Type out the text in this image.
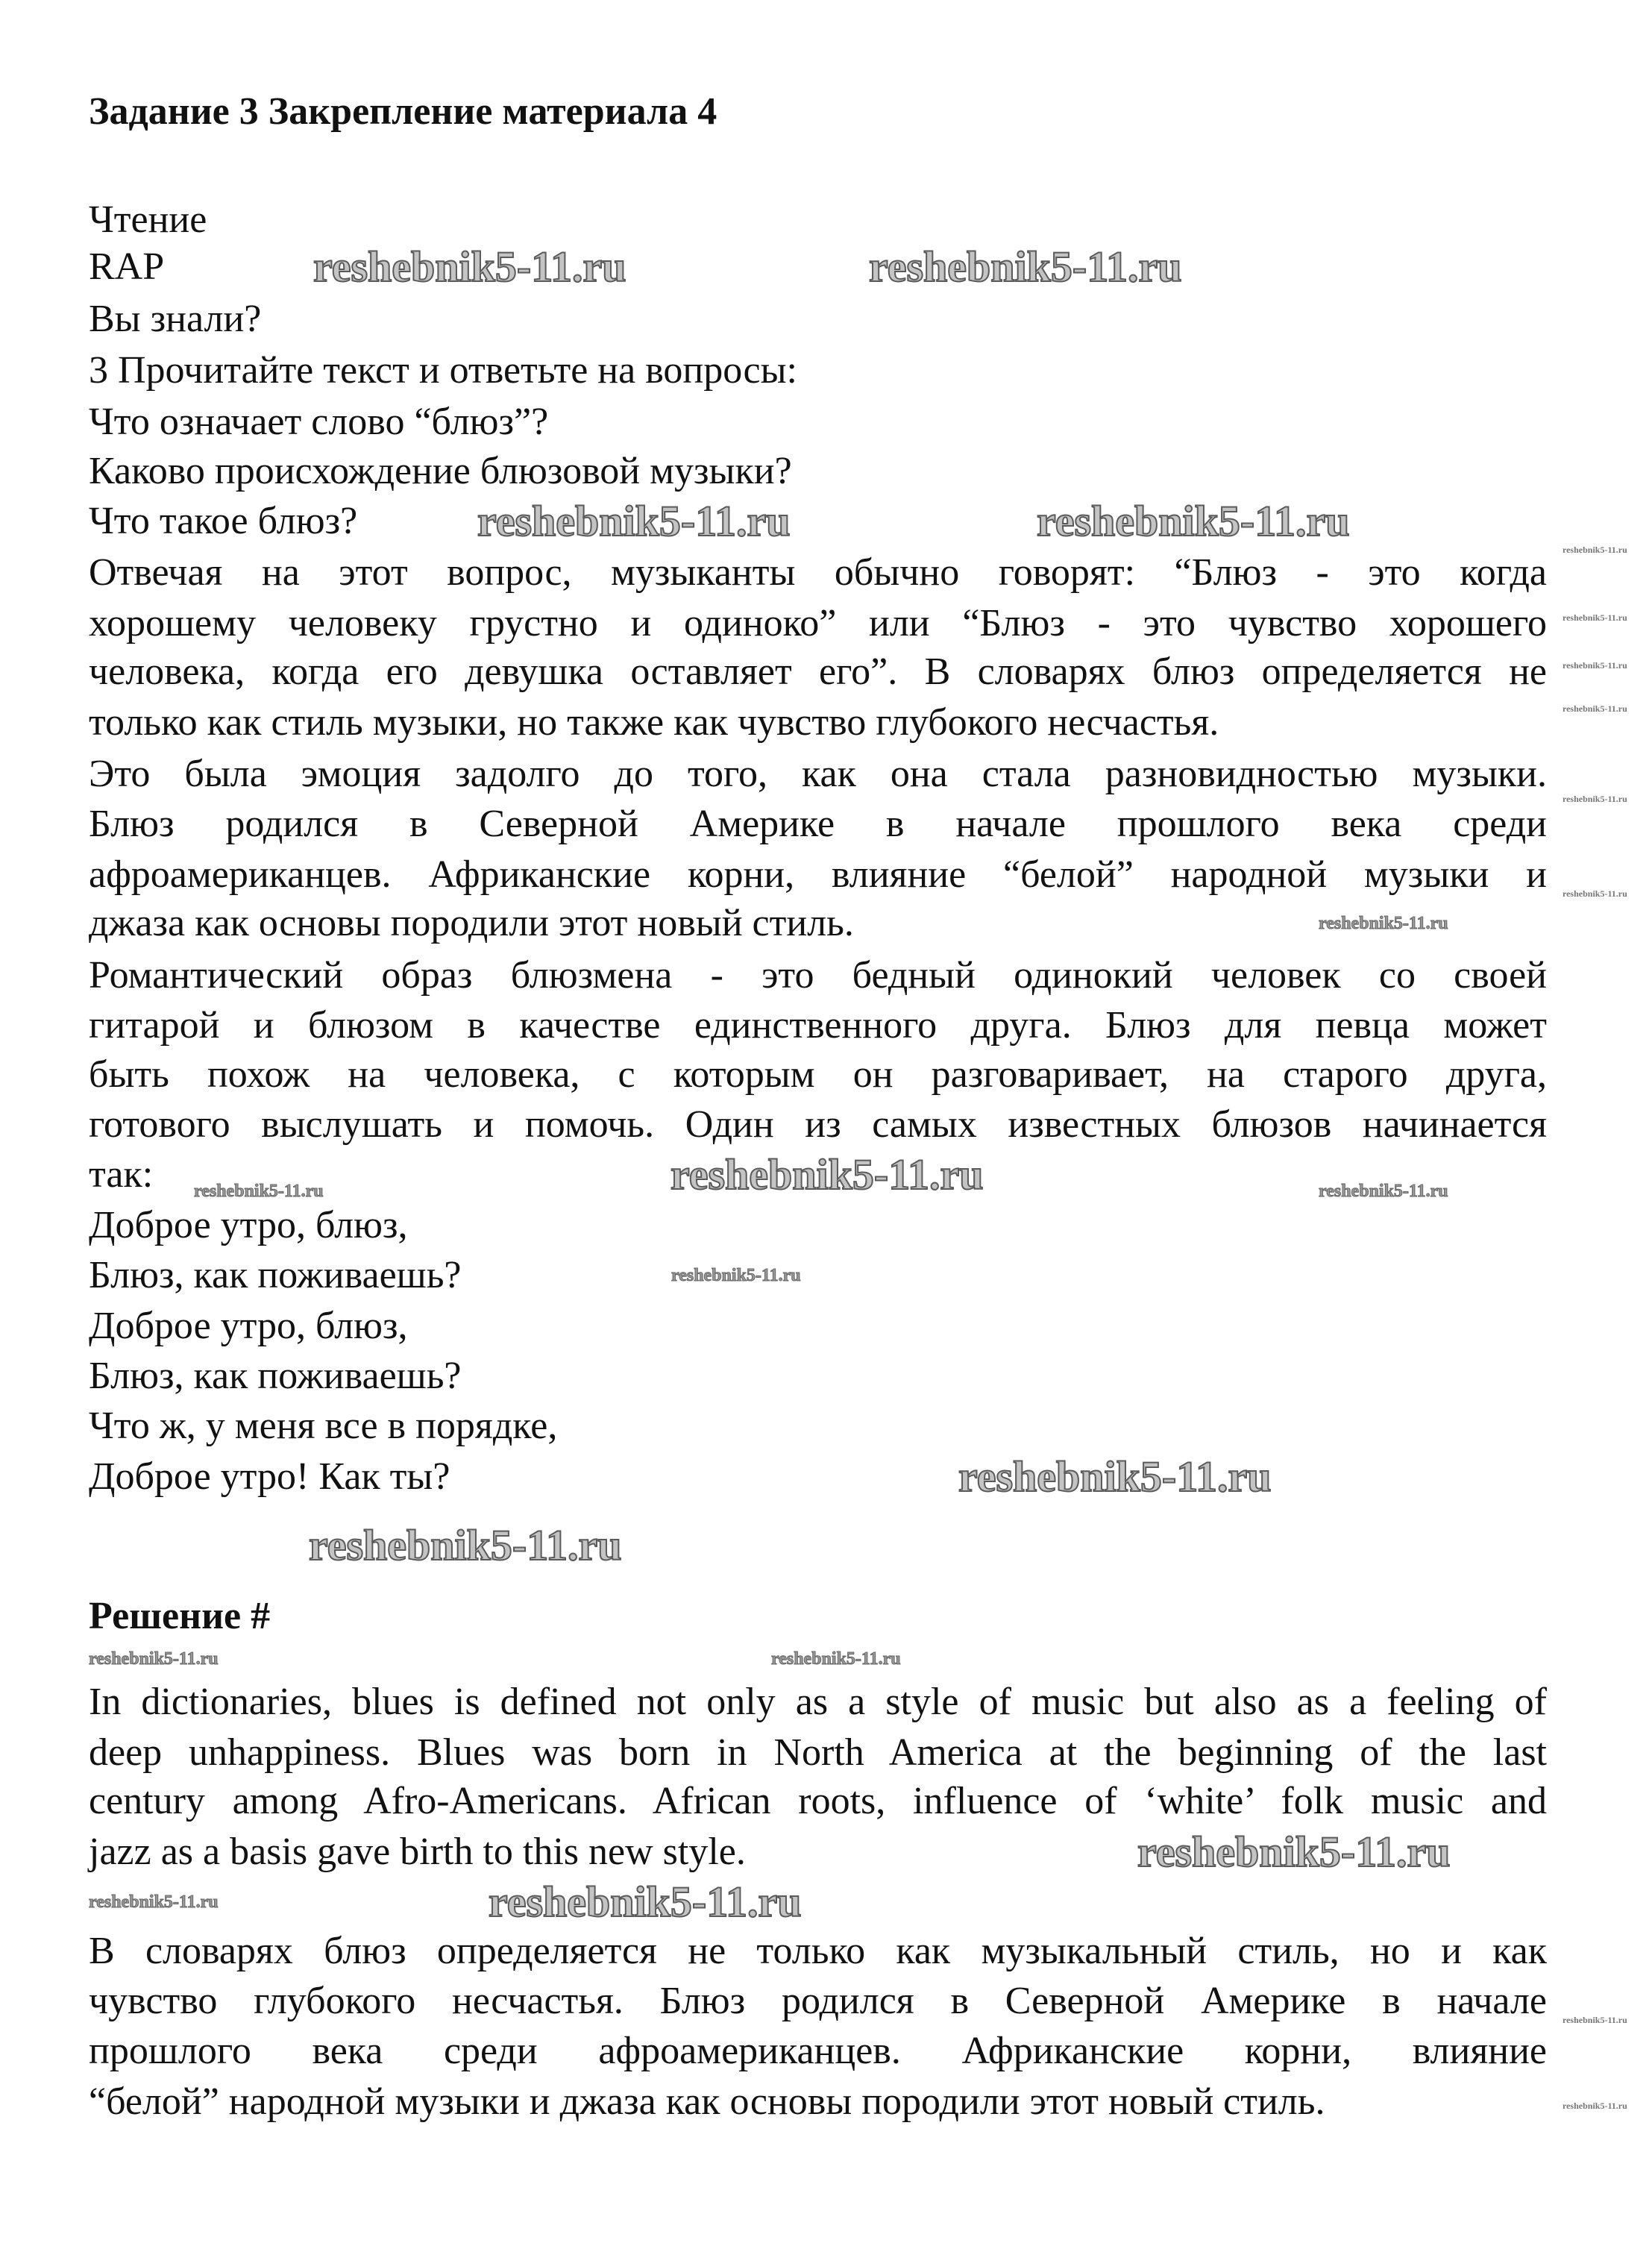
Задание 3 Закрепление материала 4
Чтение
RAP
Вы знали?
3 Прочитайте текст и ответьте на вопросы:
Что означает слово “блюз”?
Каково происхождение блюзовой музыки?
Что такое блюз?
Отвечая на этот вопрос, музыканты обычно говорят: “Блюз - это когда
хорошему человеку грустно и одиноко” или “Блюз - это чувство хорошего
человека, когда его девушка оставляет его”. В словарях блюз определяется не
только как стиль музыки, но также как чувство глубокого несчастья.
Это была эмоция задолго до того, как она стала разновидностью музыки.
Блюз родился в Северной Америке в начале прошлого века среди
афроамериканцев. Африканские корни, влияние “белой” народной музыки и
джаза как основы породили этот новый стиль.
Романтический образ блюзмена - это бедный одинокий человек со своей
гитарой и блюзом в качестве единственного друга. Блюз для певца может
быть похож на человека, с которым он разговаривает, на старого друга,
готового выслушать и помочь. Один из самых известных блюзов начинается
так:
Доброе утро, блюз,
Блюз, как поживаешь?
Доброе утро, блюз,
Блюз, как поживаешь?
Что ж, у меня все в порядке,
Доброе утро! Как ты?
Решение #
In dictionaries, blues is defined not only as a style of music but also as a feeling of
deep unhappiness. Blues was born in North America at the beginning of the last
century among Afro-Americans. African roots, influence of ‘white’ folk music and
jazz as a basis gave birth to this new style.
В словарях блюз определяется не только как музыкальный стиль, но и как
чувство глубокого несчастья. Блюз родился в Северной Америке в начале
прошлого века среди афроамериканцев. Африканские корни, влияние
“белой” народной музыки и джаза как основы породили этот новый стиль.
reshebnik5-11.ru	reshebnik5-11.ru
reshebnik5-11.ru	reshebnik5-11.ru
reshebnik5-11.ru
reshebnik5-11.ru
reshebnik5-11.ru
reshebnik5-11.ru
reshebnik5-11.ru
reshebnik5-11.ru	reshebnik5-11.ru
reshebnik5-11.ru
reshebnik5-11.ru
reshebnik5-11.ru
reshebnik5-11.ru
reshebnik5-11.ru
reshebnik5-11.ru
reshebnik5-11.ru
reshebnik5-11.ru
reshebnik5-11.ru
reshebnik5-11.ru
reshebnik5-11.ru
reshebnik5-11.ru
reshebnik5-11.ru
